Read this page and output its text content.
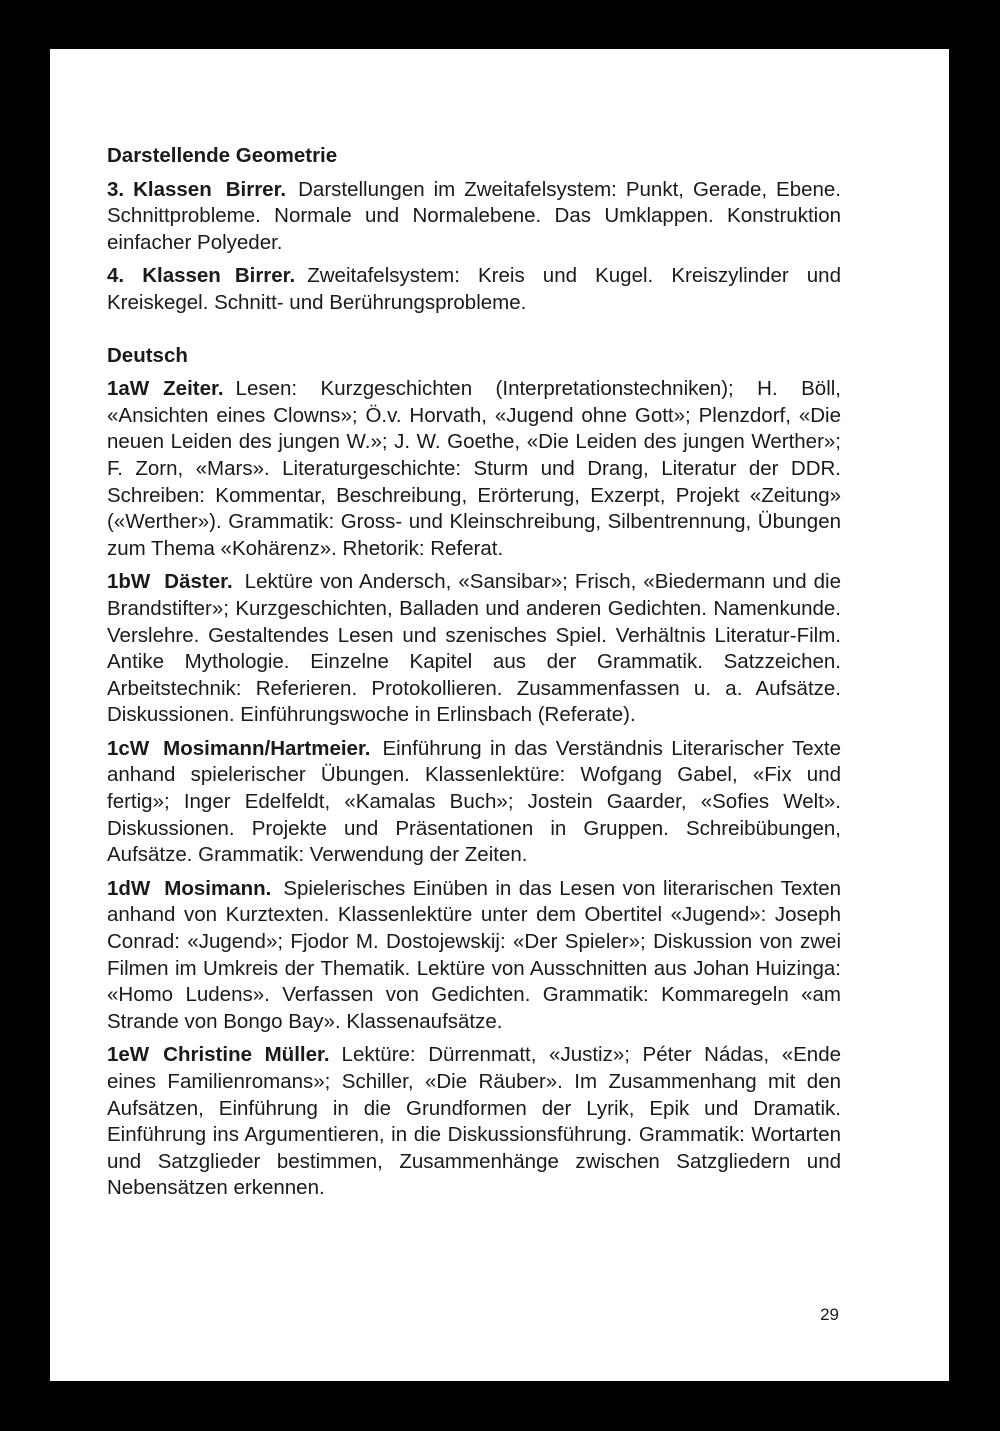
Darstellende Geometrie

3. Klassen Birrer. Darstellungen im Zweitafelsystem: Punkt, Gerade, Ebene. Schnittprobleme. Normale und Normalebene. Das Umklappen. Konstruktion einfacher Polyeder.

4. Klassen Birrer. Zweitafelsystem: Kreis und Kugel. Kreiszylinder und Kreiskegel. Schnitt- und Berührungsprobleme.

Deutsch

1aW Zeiter. Lesen: Kurzgeschichten (Interpretationstechniken); H. Böll, «Ansichten eines Clowns»; Ö.v. Horvath, «Jugend ohne Gott»; Plenzdorf, «Die neuen Leiden des jungen W.»; J. W. Goethe, «Die Leiden des jungen Werther»; F. Zorn, «Mars». Literaturgeschichte: Sturm und Drang, Literatur der DDR. Schreiben: Kommentar, Beschreibung, Erörterung, Exzerpt, Projekt «Zeitung» («Werther»). Grammatik: Gross- und Kleinschreibung, Silbentrennung, Übungen zum Thema «Kohärenz». Rhetorik: Referat.

1bW Däster. Lektüre von Andersch, «Sansibar»; Frisch, «Biedermann und die Brandstifter»; Kurzgeschichten, Balladen und anderen Gedichten. Namenkunde. Verslehre. Gestaltendes Lesen und szenisches Spiel. Verhältnis Literatur-Film. Antike Mythologie. Einzelne Kapitel aus der Grammatik. Satzzeichen. Arbeitstechnik: Referieren. Protokollieren. Zusammenfassen u. a. Aufsätze. Diskussionen. Einführungswoche in Erlinsbach (Referate).

1cW Mosimann/Hartmeier. Einführung in das Verständnis Literarischer Texte anhand spielerischer Übungen. Klassenlektüre: Wofgang Gabel, «Fix und fertig»; Inger Edelfeldt, «Kamalas Buch»; Jostein Gaarder, «Sofies Welt». Diskussionen. Projekte und Präsentationen in Gruppen. Schreibübungen, Aufsätze. Grammatik: Verwendung der Zeiten.

1dW Mosimann. Spielerisches Einüben in das Lesen von literarischen Texten anhand von Kurztexten. Klassenlektüre unter dem Obertitel «Jugend»: Joseph Conrad: «Jugend»; Fjodor M. Dostojewskij: «Der Spieler»; Diskussion von zwei Filmen im Umkreis der Thematik. Lektüre von Ausschnitten aus Johan Huizinga: «Homo Ludens». Verfassen von Gedichten. Grammatik: Kommaregeln «am Strande von Bongo Bay». Klassenaufsätze.

1eW Christine Müller. Lektüre: Dürrenmatt, «Justiz»; Péter Nádas, «Ende eines Familienromans»; Schiller, «Die Räuber». Im Zusammenhang mit den Aufsätzen, Einführung in die Grundformen der Lyrik, Epik und Dramatik. Einführung ins Argumentieren, in die Diskussionsführung. Grammatik: Wortarten und Satzglieder bestimmen, Zusammenhänge zwischen Satzgliedern und Nebensätzen erkennen.

29
